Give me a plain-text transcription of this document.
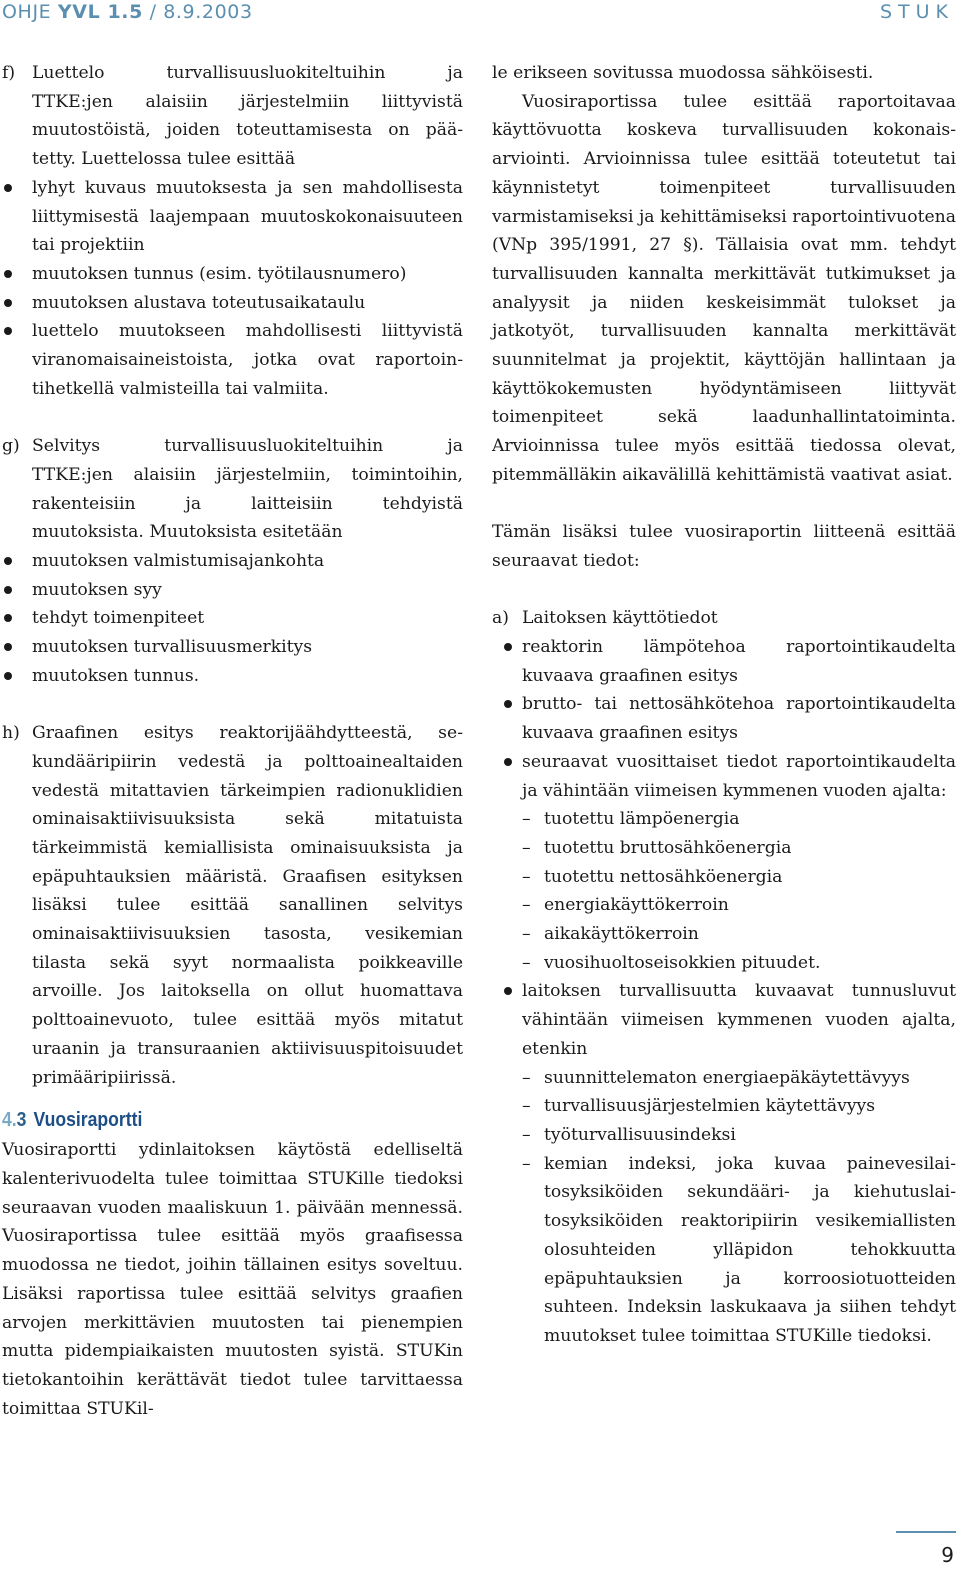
OHJE YVL 1.5 / 8.9.2003	STUK
f) Luettelo turvallisuusluokiteltuihin ja

TTKE:jen alaisiin järjestelmiin liittyvistä

muutostöistä, joiden toteuttamisesta on pää-

tetty. Luettelossa tulee esittää

lyhyt kuvaus muutoksesta ja sen mahdollisesta liittymisestä laajempaan muutoskokonaisuuteen tai projektiin
muutoksen tunnus (esim. työtilausnumero)
muutoksen alustava toteutusaikataulu
luettelo muutokseen mahdollisesti liittyvistä viranomaisaineistoista, jotka ovat raportointihetkellä valmisteilla tai valmiita.
g) Selvitys turvallisuusluokiteltuihin ja

TTKE:jen alaisiin järjestelmiin, toimintoihin,

rakenteisiin ja laitteisiin tehdyistä

muutoksista. Muutoksista esitetään

muutoksen valmistumisajankohta
muutoksen syy
tehdyt toimenpiteet
muutoksen turvallisuusmerkitys
muutoksen tunnus.
h) Graafinen esitys reaktorijäähdytteestä, sekundääripiirin vedestä ja polttoainealtaiden vedestä mitattavien tärkeimpien radionuklidien ominaisaktiivisuuksista sekä mitatuista tärkeimmistä kemiallisista ominaisuuksista ja epäpuhtauksien määristä. Graafisen esityksen lisäksi tulee esittää sanallinen selvitys ominaisaktiivisuuksien tasosta, vesikemian tilasta sekä syyt normaalista poikkeaville arvoille. Jos laitoksella on ollut huomattava polttoainevuoto, tulee esittää myös mitatut uraanin ja transuraanien aktiivisuuspitoisuudet primääripiirissä.

4.3 Vuosiraportti

Vuosiraportti ydinlaitoksen käytöstä edelliseltä kalenterivuodelta tulee toimittaa STUKille tiedoksi seuraavan vuoden maaliskuun 1. päivään mennessä. Vuosiraportissa tulee esittää myös graafisessa muodossa ne tiedot, joihin tällainen esitys soveltuu. Lisäksi raportissa tulee esittää selvitys graafien arvojen merkittävien muutosten tai pienempien mutta pidempiaikaisten muutosten syistä. STUKin tietokantoihin kerättävät tiedot tulee tarvittaessa toimittaa STUKil-

le erikseen sovitussa muodossa sähköisesti.

Vuosiraportissa tulee esittää raportoitavaa käyttövuotta koskeva turvallisuuden kokonaisarviointi. Arvioinnissa tulee esittää toteutetut tai käynnistetyt toimenpiteet turvallisuuden varmistamiseksi ja kehittämiseksi raportointivuotena (VNp 395/1991, 27 §). Tällaisia ovat mm. tehdyt turvallisuuden kannalta merkittävät tutkimukset ja analyysit ja niiden keskeisimmät tulokset ja jatkotyöt, turvallisuuden kannalta merkittävät suunnitelmat ja projektit, käyttöjän hallintaan ja käyttökokemusten hyödyntämiseen liittyvät toimenpiteet sekä laadunhallintatoiminta. Arvioinnissa tulee myös esittää tiedossa olevat, pitemmälläkin aikavälillä kehittämistä vaativat asiat.

Tämän lisäksi tulee vuosiraportin liitteenä esittää seuraavat tiedot:

a) Laitoksen käyttötiedot

reaktorin lämpötehoa raportointikaudelta kuvaava graafinen esitys
brutto- tai nettosähkötehoa raportointikaudelta kuvaava graafinen esitys
seuraavat vuosittaiset tiedot raportointikaudelta ja vähintään viimeisen kymmenen vuoden ajalta:
– tuotettu lämpöenergia
– tuotettu bruttosähköenergia
– tuotettu nettosähköenergia
– energiakäyttökerroin
– aikakäyttökerroin
– vuosihuoltoseisokkien pituudet.
laitoksen turvallisuutta kuvaavat tunnusluvut vähintään viimeisen kymmenen vuoden ajalta, etenkin
– suunnittelematon energiaepäkäytettävyys
– turvallisuusjärjestelmien käytettävyys
– työturvallisuusindeksi
– kemian indeksi, joka kuvaa painevesilaitosyksiköiden sekundääri- ja kiehutuslaitosyksiköiden reaktoripiirin vesikemiallisten olosuhteiden ylläpidon tehokkuutta epäpuhtauksien ja korroosiotuotteiden suhteen. Indeksin laskukaava ja siihen tehdyt muutokset tulee toimittaa STUKille tiedoksi.
9
